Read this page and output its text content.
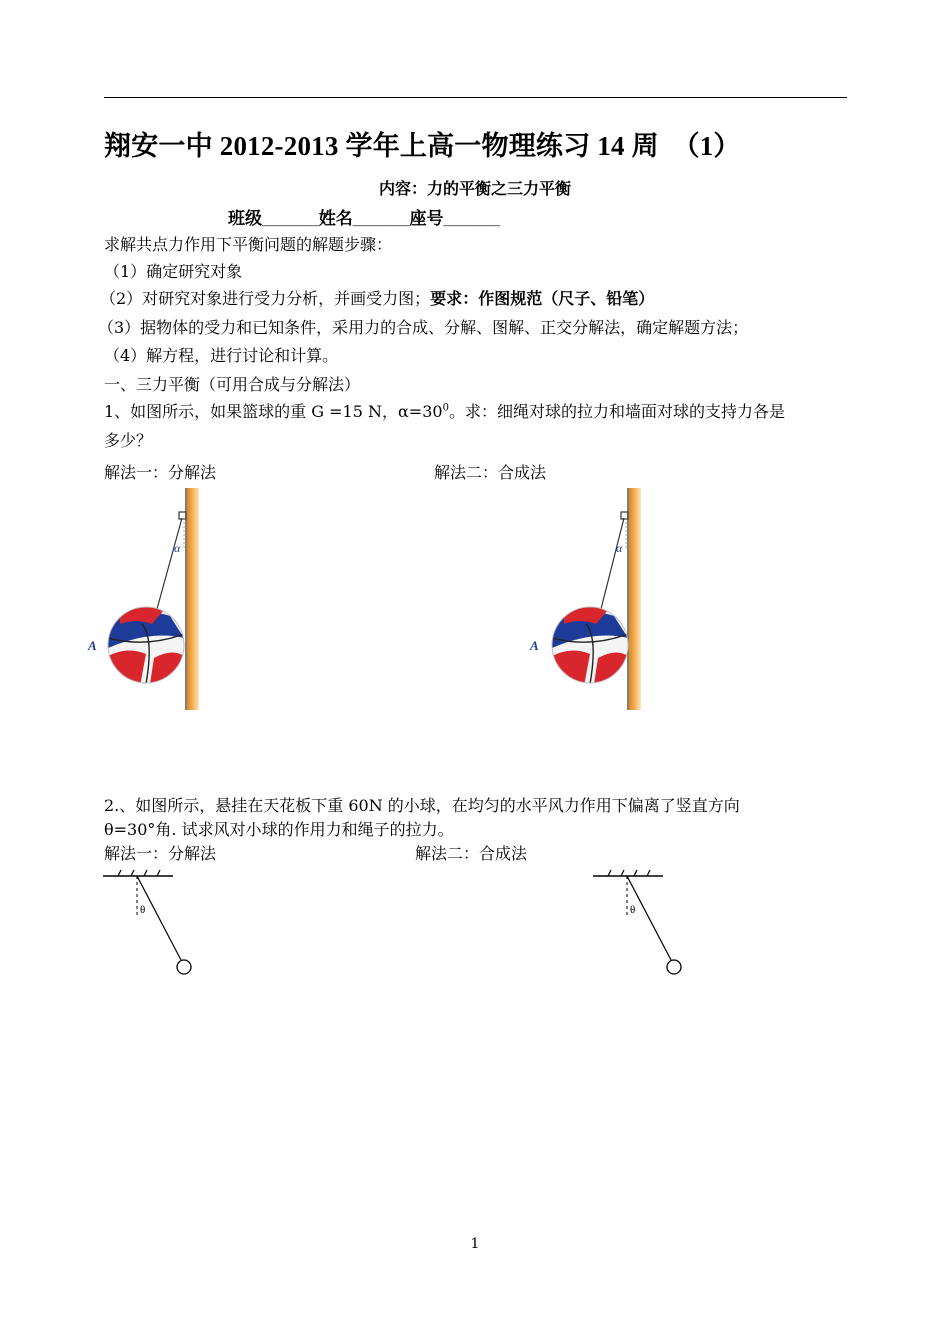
翔安一中 2012-2013 学年上高一物理练习 14 周　（1）
内容：力的平衡之三力平衡
班级______姓名______座号______
求解共点力作用下平衡问题的解题步骤：
（1）确定研究对象
（2）对研究对象进行受力分析，并画受力图；要求：作图规范（尺子、铅笔）
（3）据物体的受力和已知条件，采用力的合成、分解、图解、正交分解法，确定解题方法；
（4）解方程，进行讨论和计算。
一、三力平衡（可用合成与分解法）
1、如图所示，如果篮球的重 G =15 N，$\alpha=30^0$。求：细绳对球的拉力和墙面对球的支持力各是
多少？
解法一：分解法	解法二：合成法
α
A
α
A
2.、如图所示，悬挂在天花板下重 60N 的小球，在均匀的水平风力作用下偏离了竖直方向
θ=30°角. 试求风对小球的作用力和绳子的拉力。
解法一：分解法	解法二：合成法
θ	θ
1
